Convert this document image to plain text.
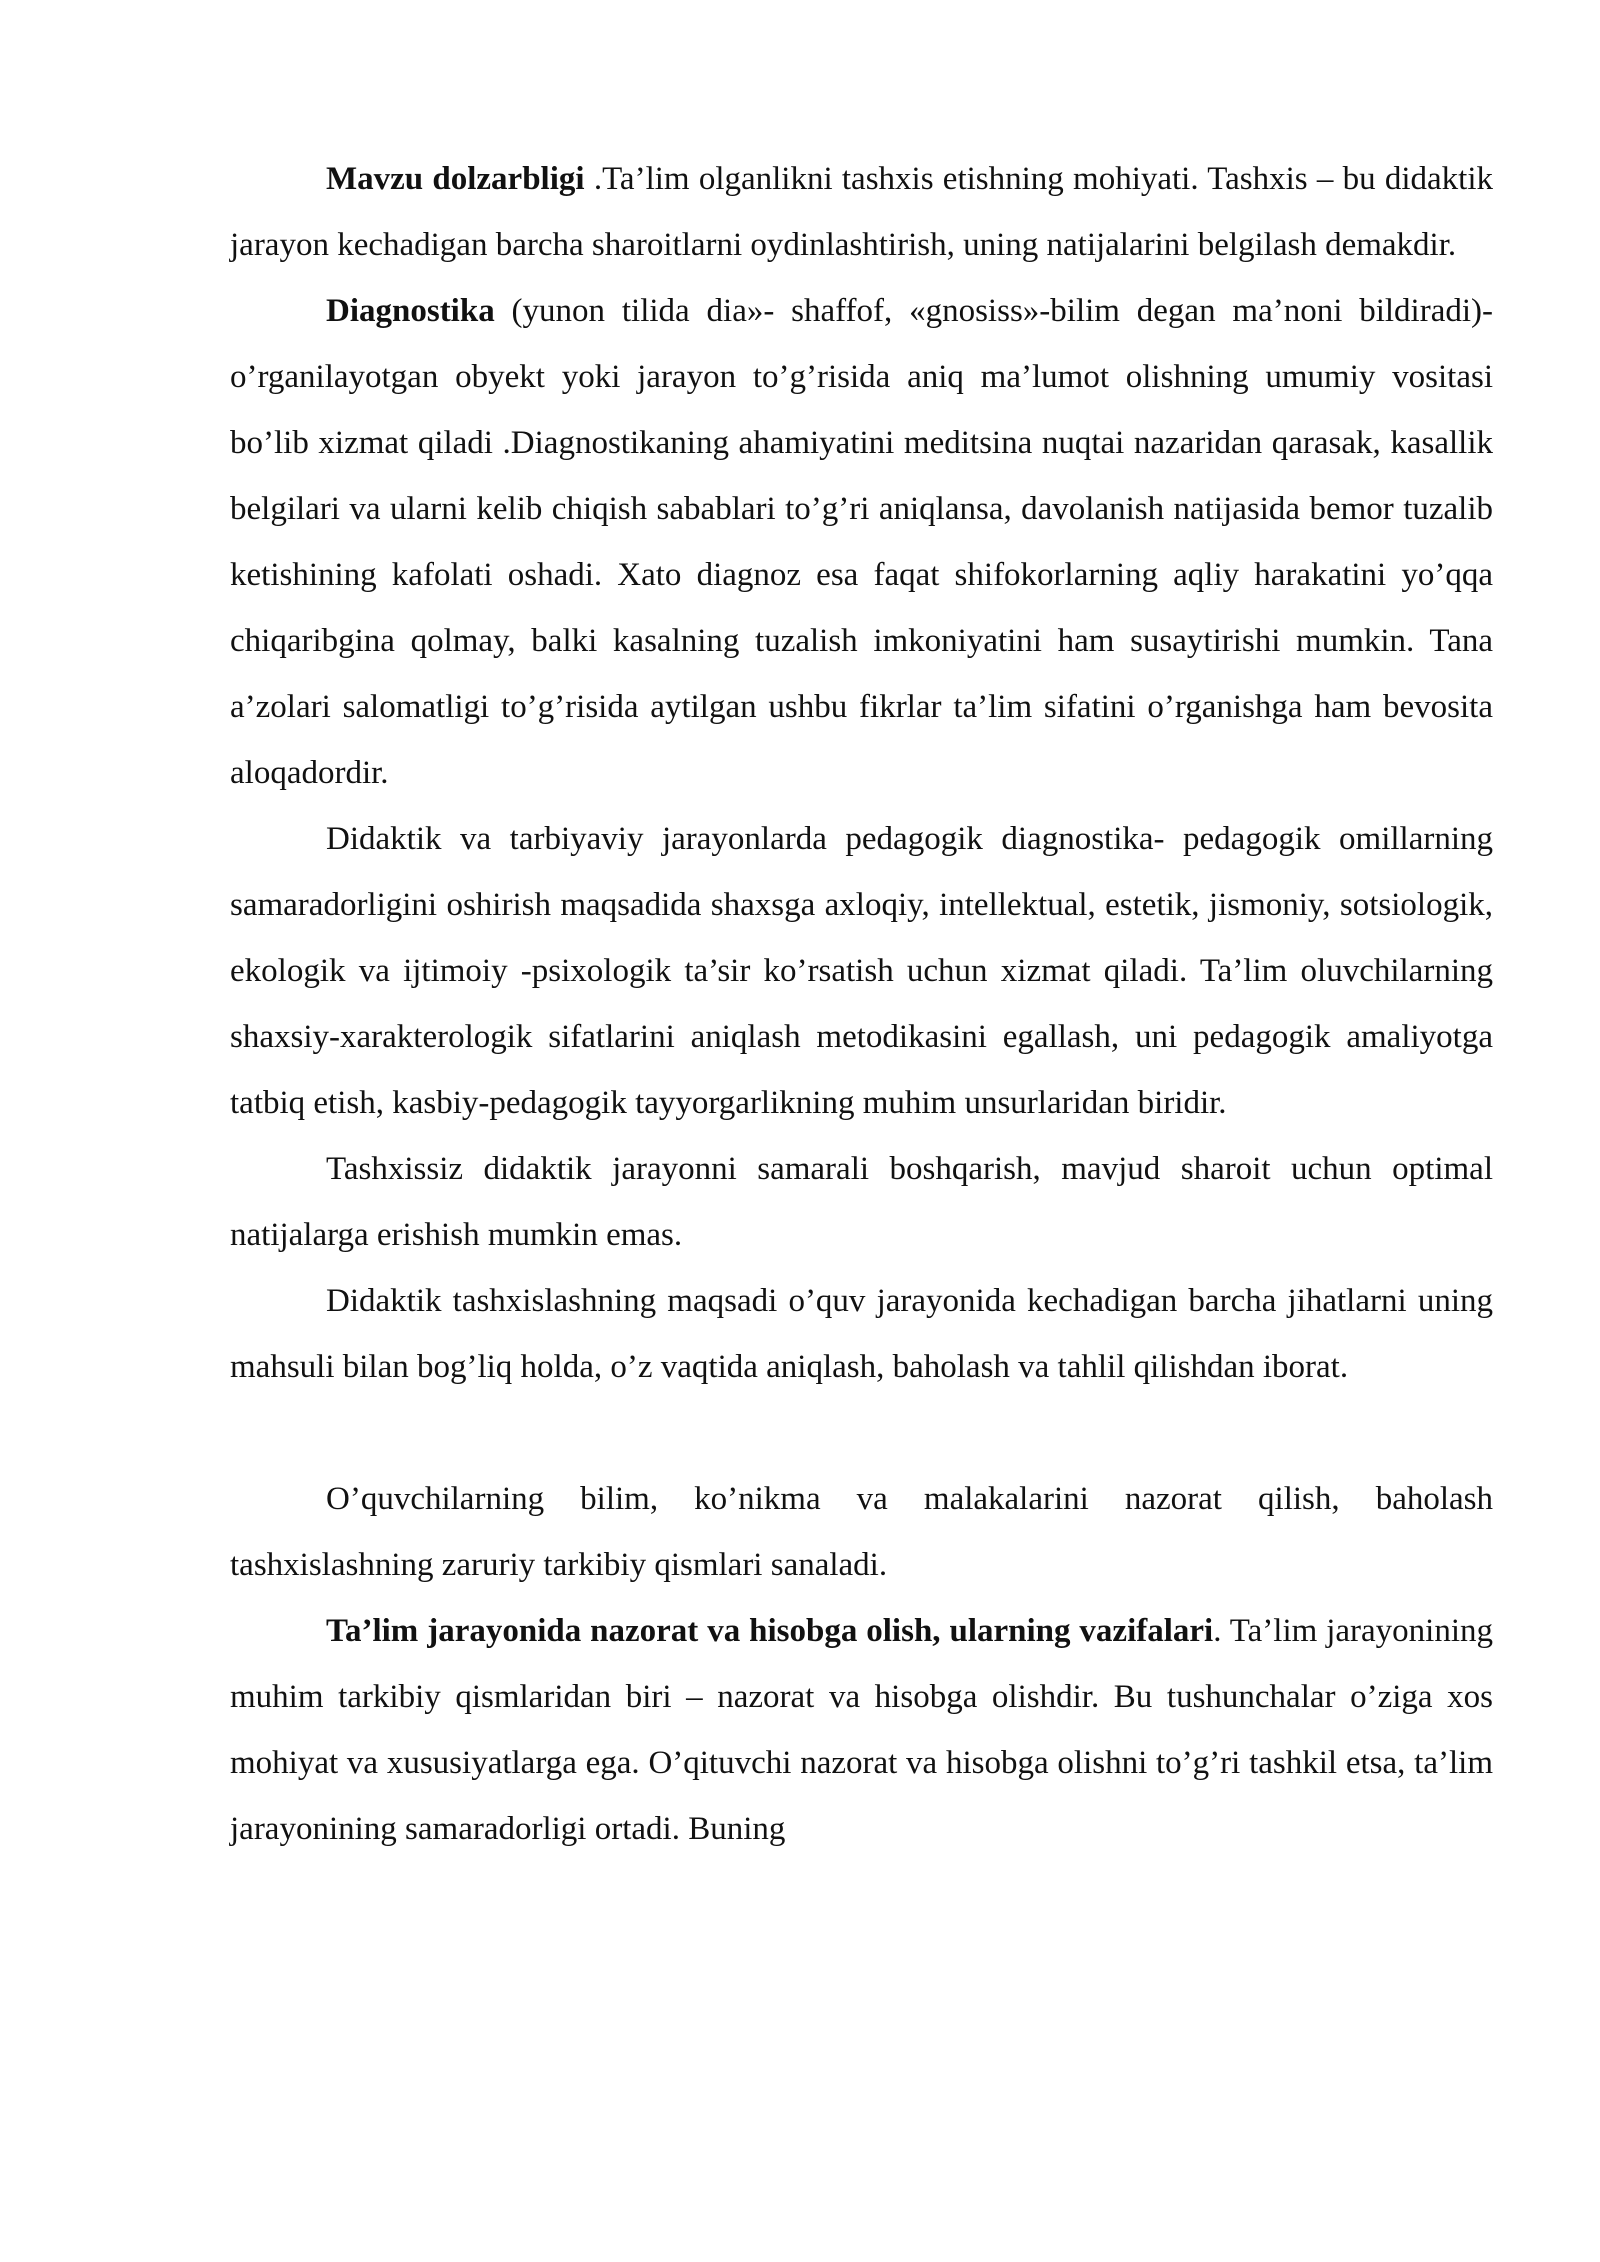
Mavzu dolzarbligi .Ta’lim olganlikni tashxis etishning mohiyati. Tashxis – bu didaktik jarayon kechadigan barcha sharoitlarni oydinlashtirish, uning natijalarini belgilash demakdir.

Diagnostika (yunon tilida dia»- shaffof, «gnosiss»-bilim degan ma’noni bildiradi)-o’rganilayotgan obyekt yoki jarayon to’g’risida aniq ma’lumot olishning umumiy vositasi bo’lib xizmat qiladi .Diagnostikaning ahamiyatini meditsina nuqtai nazaridan qarasak, kasallik belgilari va ularni kelib chiqish sabablari to’g’ri aniqlansa, davolanish natijasida bemor tuzalib ketishining kafolati oshadi. Xato diagnoz esa faqat shifokorlarning aqliy harakatini yo’qqa chiqaribgina qolmay, balki kasalning tuzalish imkoniyatini ham susaytirishi mumkin. Tana a’zolari salomatligi to’g’risida aytilgan ushbu fikrlar ta’lim sifatini o’rganishga ham bevosita aloqadordir.

Didaktik va tarbiyaviy jarayonlarda pedagogik diagnostika- pedagogik omillarning samaradorligini oshirish maqsadida shaxsga axloqiy, intellektual, estetik, jismoniy, sotsiologik, ekologik va ijtimoiy -psixologik ta’sir ko’rsatish uchun xizmat qiladi. Ta’lim oluvchilarning shaxsiy-xarakterologik sifatlarini aniqlash metodikasini egallash, uni pedagogik amaliyotga tatbiq etish, kasbiy-pedagogik tayyorgarlikning muhim unsurlaridan biridir.

Tashxissiz didaktik jarayonni samarali boshqarish, mavjud sharoit uchun optimal natijalarga erishish mumkin emas.

Didaktik tashxislashning maqsadi o’quv jarayonida kechadigan barcha jihatlarni uning mahsuli bilan bog’liq holda, o’z vaqtida aniqlash, baholash va tahlil qilishdan iborat.

O’quvchilarning bilim, ko’nikma va malakalarini nazorat qilish, baholash tashxislashning zaruriy tarkibiy qismlari sanaladi.

Ta’lim jarayonida nazorat va hisobga olish, ularning vazifalari. Ta’lim jarayonining muhim tarkibiy qismlaridan biri – nazorat va hisobga olishdir. Bu tushunchalar o’ziga xos mohiyat va xususiyatlarga ega. O’qituvchi nazorat va hisobga olishni to’g’ri tashkil etsa, ta’lim jarayonining samaradorligi ortadi. Buning
